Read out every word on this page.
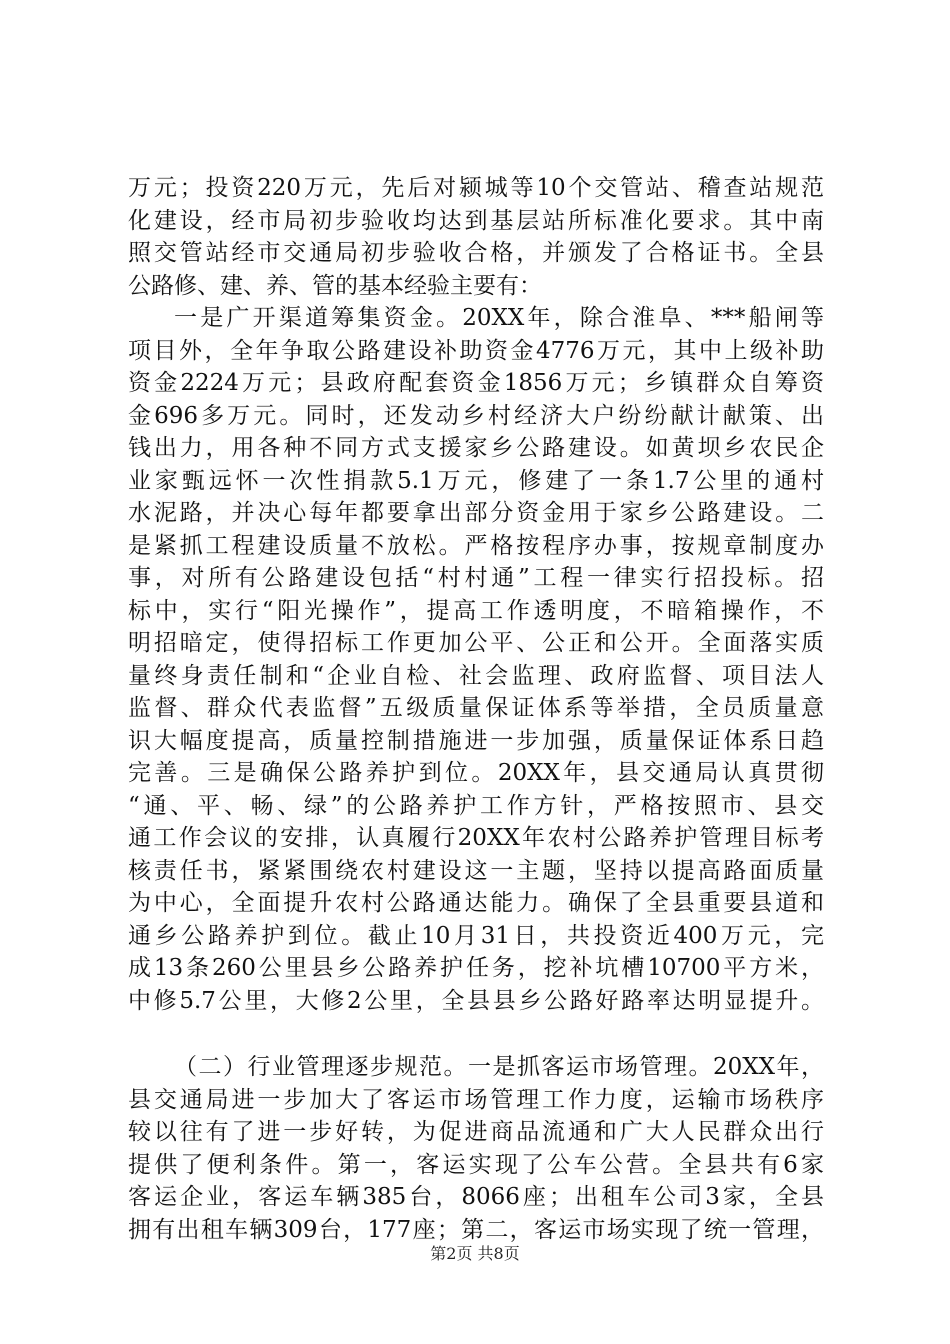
万元；投资220万元，先后对颍城等10个交管站、稽查站规范
化建设，经市局初步验收均达到基层站所标准化要求。其中南
照交管站经市交通局初步验收合格，并颁发了合格证书。全县
公路修、建、养、管的基本经验主要有：
一是广开渠道筹集资金。20XX年，除合淮阜、***船闸等
项目外，全年争取公路建设补助资金4776万元，其中上级补助
资金2224万元；县政府配套资金1856万元；乡镇群众自筹资
金696多万元。同时，还发动乡村经济大户纷纷献计献策、出
钱出力，用各种不同方式支援家乡公路建设。如黄坝乡农民企
业家甄远怀一次性捐款5.1万元，修建了一条1.7公里的通村
水泥路，并决心每年都要拿出部分资金用于家乡公路建设。二
是紧抓工程建设质量不放松。严格按程序办事，按规章制度办
事，对所有公路建设包括“村村通”工程一律实行招投标。招
标中，实行“阳光操作”，提高工作透明度，不暗箱操作，不
明招暗定，使得招标工作更加公平、公正和公开。全面落实质
量终身责任制和“企业自检、社会监理、政府监督、项目法人
监督、群众代表监督”五级质量保证体系等举措，全员质量意
识大幅度提高，质量控制措施进一步加强，质量保证体系日趋
完善。三是确保公路养护到位。20XX年，县交通局认真贯彻
“通、平、畅、绿”的公路养护工作方针，严格按照市、县交
通工作会议的安排，认真履行20XX年农村公路养护管理目标考
核责任书，紧紧围绕农村建设这一主题，坚持以提高路面质量
为中心，全面提升农村公路通达能力。确保了全县重要县道和
通乡公路养护到位。截止10月31日，共投资近400万元，完
成13条260公里县乡公路养护任务，挖补坑槽10700平方米，
中修5.7公里，大修2公里，全县县乡公路好路率达明显提升。
（二）行业管理逐步规范。一是抓客运市场管理。20XX年，
县交通局进一步加大了客运市场管理工作力度，运输市场秩序
较以往有了进一步好转，为促进商品流通和广大人民群众出行
提供了便利条件。第一，客运实现了公车公营。全县共有6家
客运企业，客运车辆385台，8066座；出租车公司3家，全县
拥有出租车辆309台，177座；第二，客运市场实现了统一管理，
第2页 共8页
